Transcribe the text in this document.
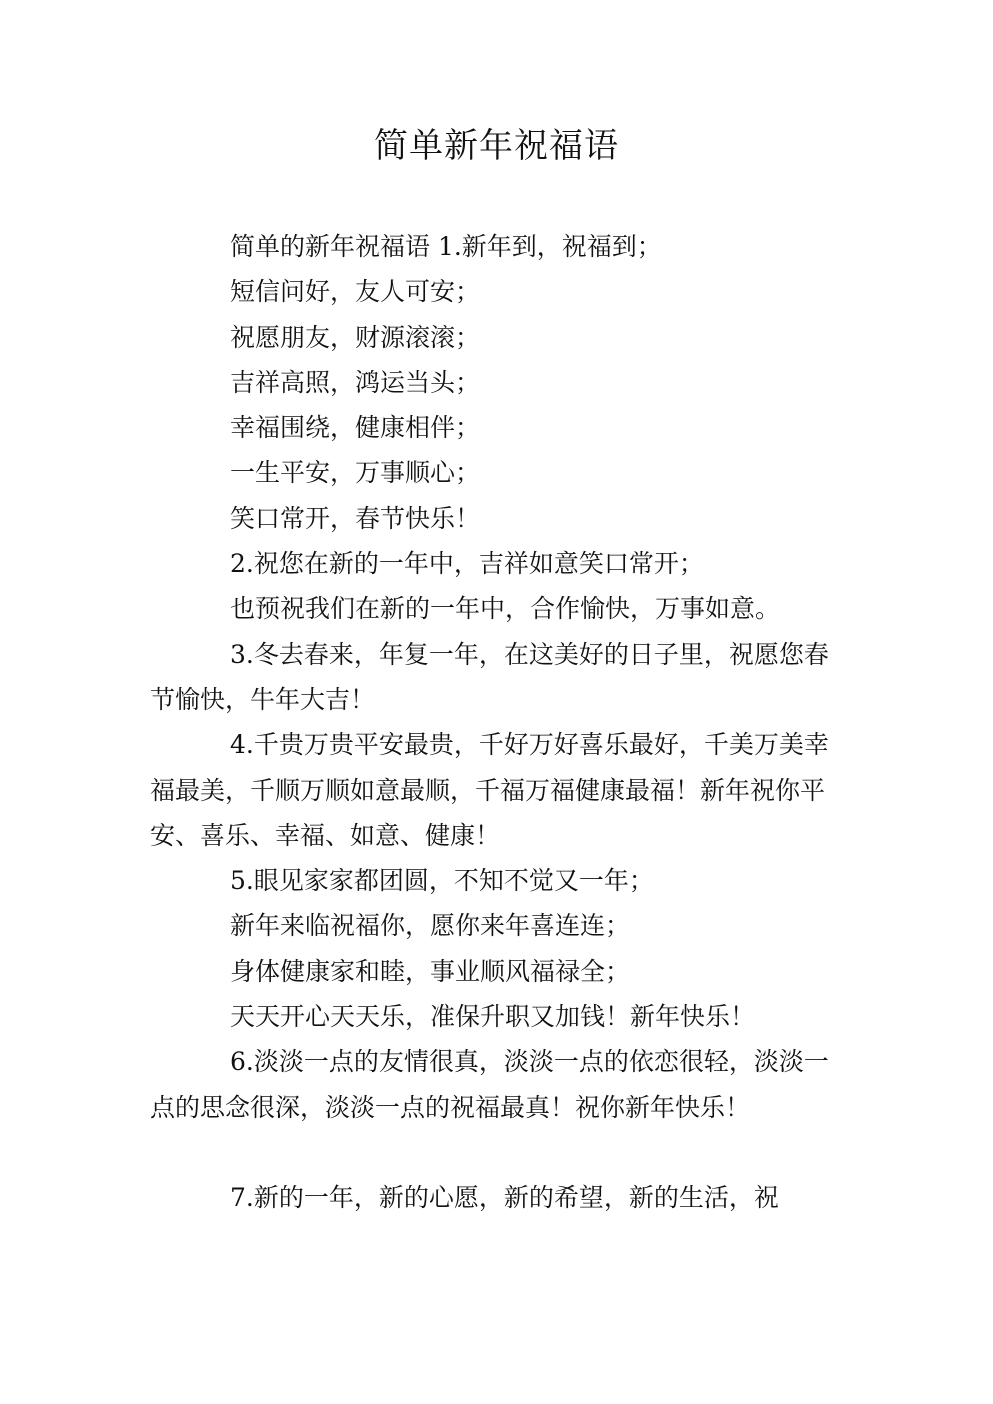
简单新年祝福语

简单的新年祝福语 1.新年到，祝福到；

短信问好，友人可安；

祝愿朋友，财源滚滚；

吉祥高照，鸿运当头；

幸福围绕，健康相伴；

一生平安，万事顺心；

笑口常开，春节快乐！

2.祝您在新的一年中，吉祥如意笑口常开；

也预祝我们在新的一年中，合作愉快，万事如意。

3.冬去春来，年复一年，在这美好的日子里，祝愿您春节愉快，牛年大吉！

4.千贵万贵平安最贵，千好万好喜乐最好，千美万美幸福最美，千顺万顺如意最顺，千福万福健康最福！新年祝你平安、喜乐、幸福、如意、健康！

5.眼见家家都团圆，不知不觉又一年；

新年来临祝福你，愿你来年喜连连；

身体健康家和睦，事业顺风福禄全；

天天开心天天乐，准保升职又加钱！新年快乐！

6.淡淡一点的友情很真，淡淡一点的依恋很轻，淡淡一点的思念很深，淡淡一点的祝福最真！祝你新年快乐！

7.新的一年，新的心愿，新的希望，新的生活，祝
